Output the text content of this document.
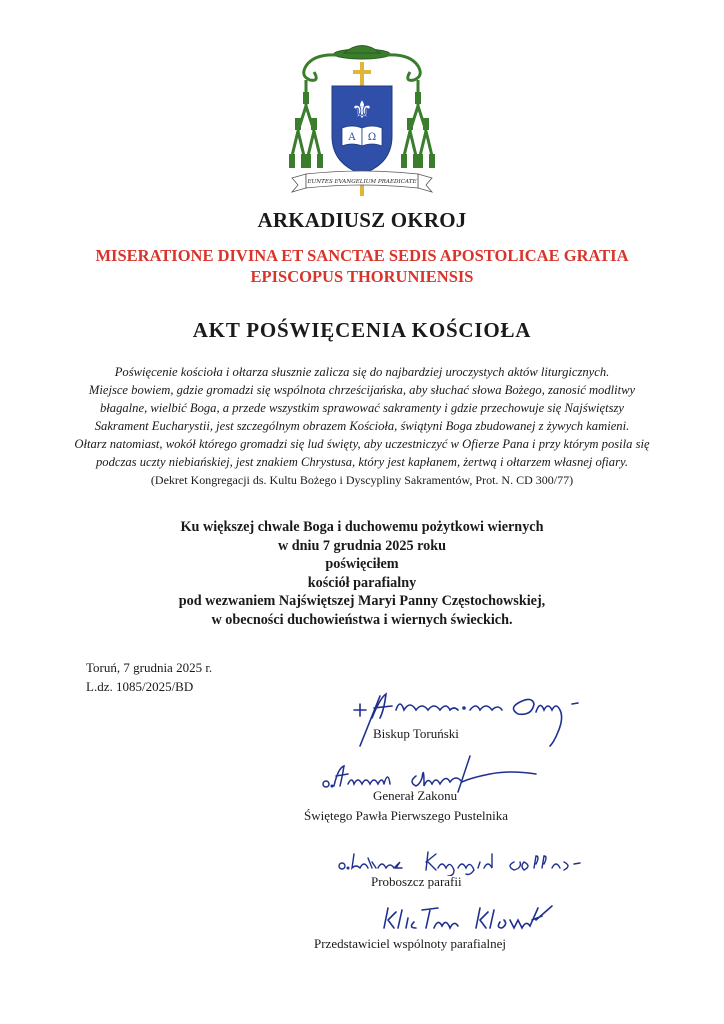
⚜
A Ω
EUNTES EVANGELIUM PRAEDICATE
ARKADIUSZ OKROJ
MISERATIONE DIVINA ET SANCTAE SEDIS APOSTOLICAE GRATIA
EPISCOPUS THORUNIENSIS
AKT POŚWIĘCENIA KOŚCIOŁA
Poświęcenie kościoła i ołtarza słusznie zalicza się do najbardziej uroczystych aktów liturgicznych.
Miejsce bowiem, gdzie gromadzi się wspólnota chrześcijańska, aby słuchać słowa Bożego, zanosić modlitwy
błagalne, wielbić Boga, a przede wszystkim sprawować sakramenty i gdzie przechowuje się Najświętszy
Sakrament Eucharystii, jest szczególnym obrazem Kościoła, świątyni Boga zbudowanej z żywych kamieni.
Ołtarz natomiast, wokół którego gromadzi się lud święty, aby uczestniczyć w Ofierze Pana i przy którym posila się
podczas uczty niebiańskiej, jest znakiem Chrystusa, który jest kapłanem, żertwą i ołtarzem własnej ofiary.
(Dekret Kongregacji ds. Kultu Bożego i Dyscypliny Sakramentów, Prot. N. CD 300/77)
Ku większej chwale Boga i duchowemu pożytkowi wiernych
w dniu 7 grudnia 2025 roku
poświęciłem
kościół parafialny
pod wezwaniem Najświętszej Maryi Panny Częstochowskiej,
w obecności duchowieństwa i wiernych świeckich.
Toruń, 7 grudnia 2025 r.
L.dz. 1085/2025/BD
Biskup Toruński
Generał Zakonu
Świętego Pawła Pierwszego Pustelnika
Proboszcz parafii
Przedstawiciel wspólnoty parafialnej
